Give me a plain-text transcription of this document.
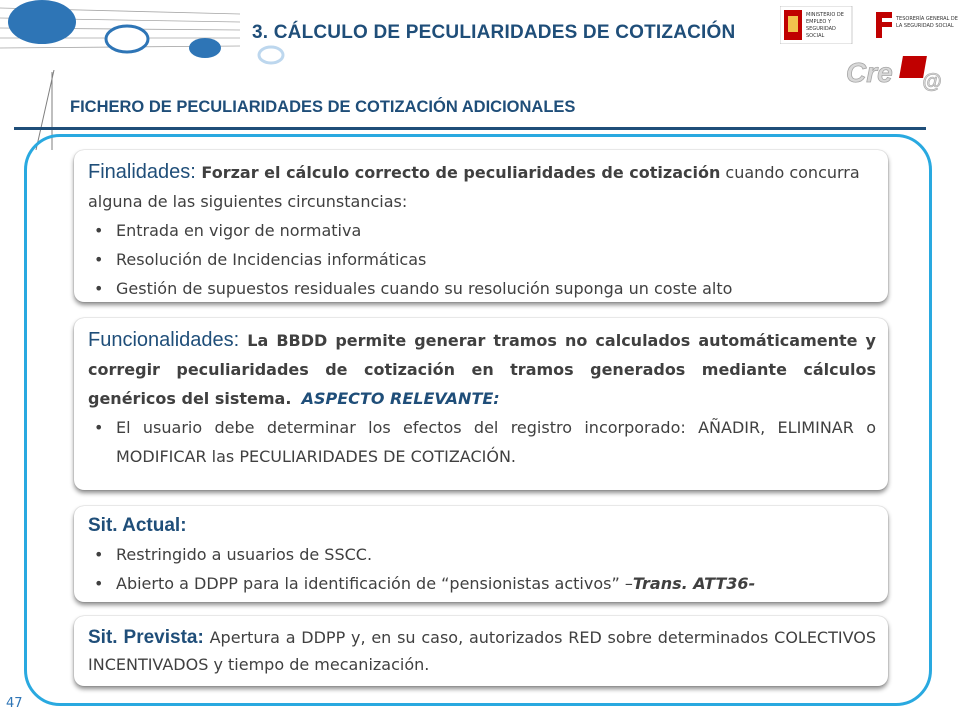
3. CÁLCULO DE PECULIARIDADES DE COTIZACIÓN
MINISTERIO DE EMPLEO Y SEGURIDAD SOCIAL
TESORERÍA GENERAL DE LA SEGURIDAD SOCIAL
Cre @
FICHERO DE PECULIARIDADES DE COTIZACIÓN ADICIONALES

Finalidades: Forzar el cálculo correcto de peculiaridades de cotización cuando concurra alguna de las siguientes circunstancias:

• Entrada en vigor de normativa
• Resolución de Incidencias informáticas
• Gestión de supuestos residuales cuando su resolución suponga un coste alto

Funcionalidades: La BBDD permite generar tramos no calculados automáticamente y corregir peculiaridades de cotización en tramos generados mediante cálculos genéricos del sistema. ASPECTO RELEVANTE:

• El usuario debe determinar los efectos del registro incorporado: AÑADIR, ELIMINAR o MODIFICAR las PECULIARIDADES DE COTIZACIÓN.

Sit. Actual:

• Restringido a usuarios de SSCC.
• Abierto a DDPP para la identificación de “pensionistas activos” –Trans. ATT36-

Sit. Prevista: Apertura a DDPP y, en su caso, autorizados RED sobre determinados COLECTIVOS INCENTIVADOS y tiempo de mecanización.

47
